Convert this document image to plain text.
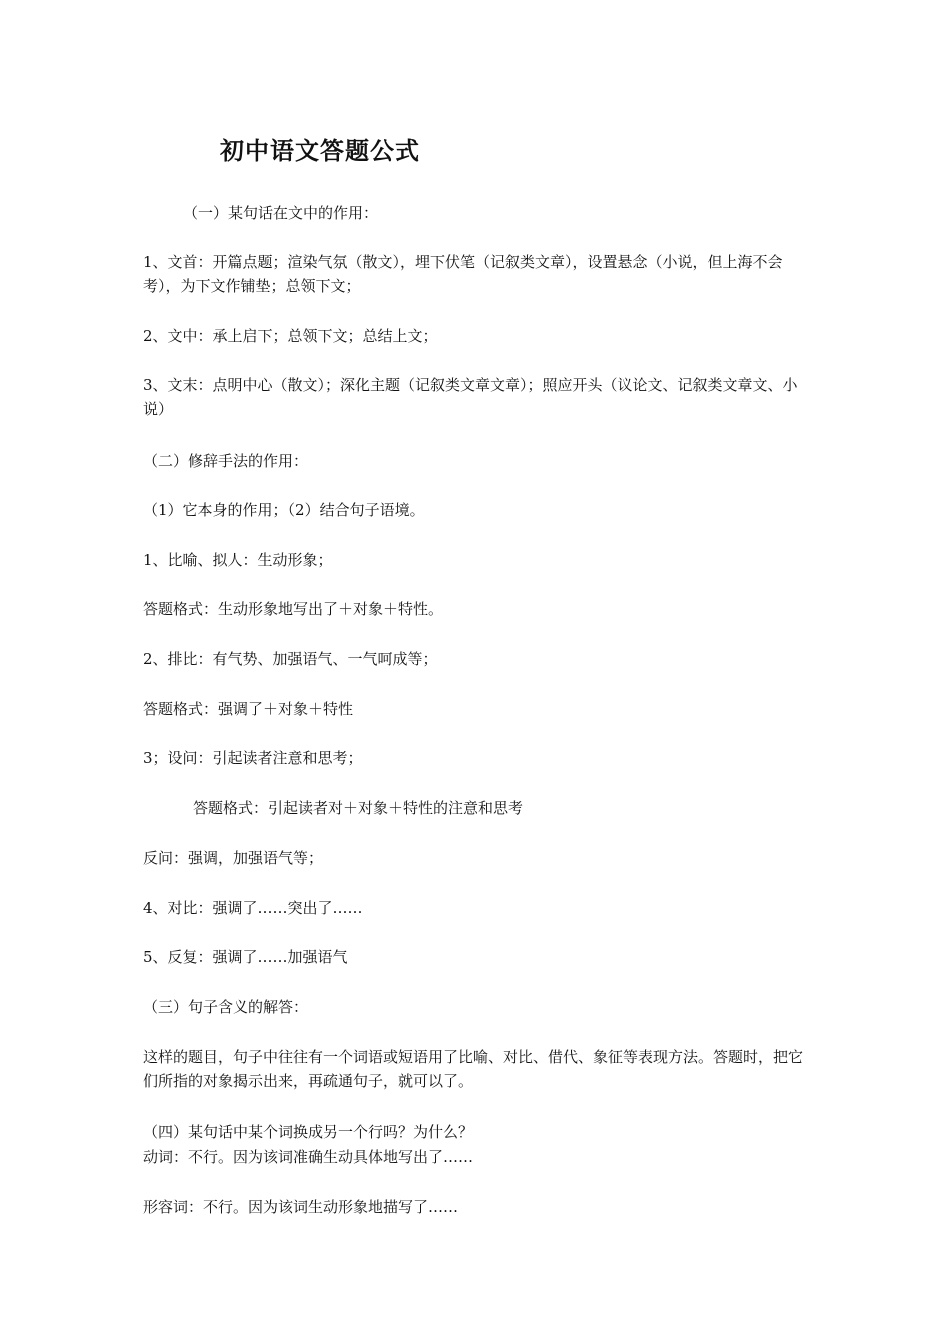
初中语文答题公式
（一）某句话在文中的作用：
1、文首：开篇点题；渲染气氛（散文），埋下伏笔（记叙类文章），设置悬念（小说，但上海不会考），为下文作铺垫；总领下文；
2、文中：承上启下；总领下文；总结上文；
3、文末：点明中心（散文）；深化主题（记叙类文章文章）；照应开头（议论文、记叙类文章文、小说）
（二）修辞手法的作用：
（1）它本身的作用；（2）结合句子语境。
1、比喻、拟人：生动形象；
答题格式：生动形象地写出了＋对象＋特性。
2、排比：有气势、加强语气、一气呵成等；
答题格式：强调了＋对象＋特性
3；设问：引起读者注意和思考；
答题格式：引起读者对＋对象＋特性的注意和思考
反问：强调，加强语气等；
4、对比：强调了……突出了……
5、反复：强调了……加强语气
（三）句子含义的解答：
这样的题目，句子中往往有一个词语或短语用了比喻、对比、借代、象征等表现方法。答题时，把它们所指的对象揭示出来，再疏通句子，就可以了。
（四）某句话中某个词换成另一个行吗？为什么？
动词：不行。因为该词准确生动具体地写出了……
形容词：不行。因为该词生动形象地描写了……
